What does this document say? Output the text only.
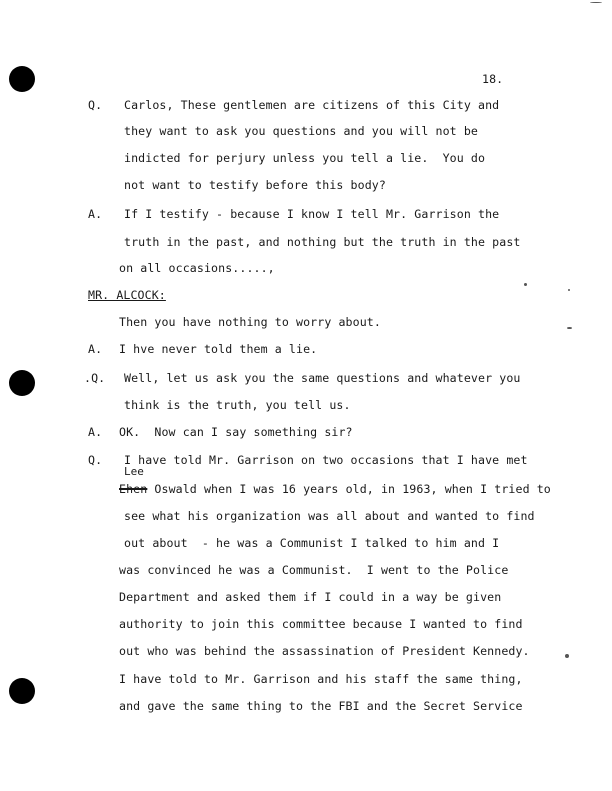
18.
Q. Carlos, These gentlemen are citizens of this City and
they want to ask you questions and you will not be
indicted for perjury unless you tell a lie.  You do
not want to testify before this body?
A. If I testify - because I know I tell Mr. Garrison the
truth in the past, and nothing but the truth in the past
on all occasions.....,
MR. ALCOCK:
Then you have nothing to worry about.
A. I hve never told them a lie.
.Q. Well, let us ask you the same questions and whatever you
think is the truth, you tell us.
A. OK.  Now can I say something sir?
Q. I have told Mr. Garrison on two occasions that I have met
Lee
Ehen Oswald when I was 16 years old, in 1963, when I tried to
see what his organization was all about and wanted to find
out about  - he was a Communist I talked to him and I
was convinced he was a Communist.  I went to the Police
Department and asked them if I could in a way be given
authority to join this committee because I wanted to find
out who was behind the assassination of President Kennedy.
I have told to Mr. Garrison and his staff the same thing,
and gave the same thing to the FBI and the Secret Service
